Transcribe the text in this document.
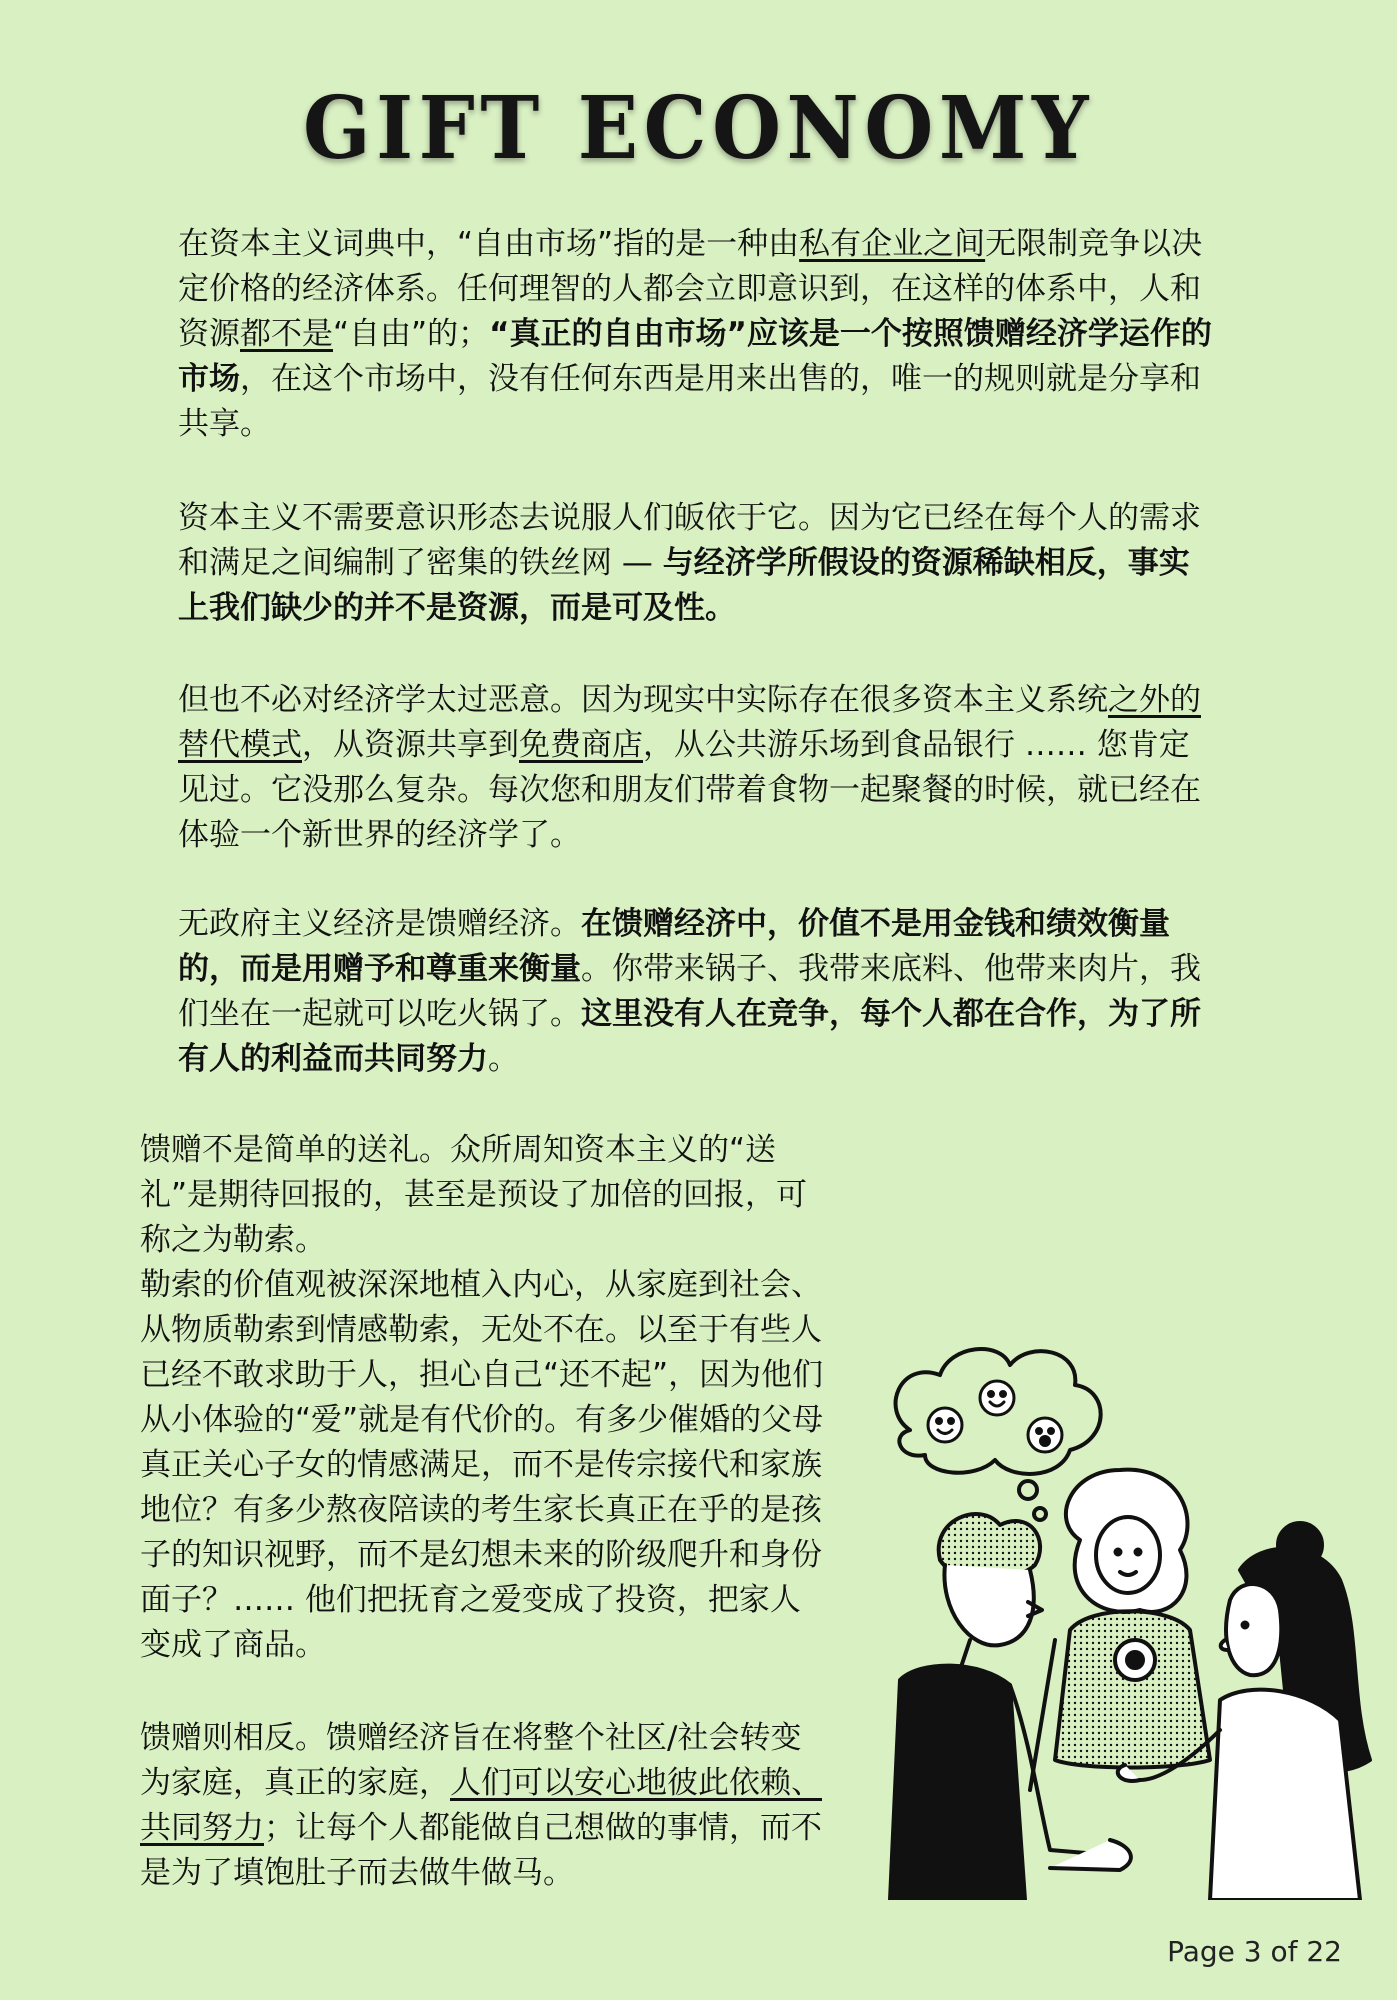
GIFT ECONOMY

在资本主义词典中，“自由市场”指的是一种由私有企业之间无限制竞争以决定价格的经济体系。任何理智的人都会立即意识到，在这样的体系中，人和资源都不是“自由”的；“真正的自由市场”应该是一个按照馈赠经济学运作的市场，在这个市场中，没有任何东西是用来出售的，唯一的规则就是分享和共享。

资本主义不需要意识形态去说服人们皈依于它。因为它已经在每个人的需求和满足之间编制了密集的铁丝网 — 与经济学所假设的资源稀缺相反，事实上我们缺少的并不是资源，而是可及性。

但也不必对经济学太过恶意。因为现实中实际存在很多资本主义系统之外的替代模式，从资源共享到免费商店，从公共游乐场到食品银行 …… 您肯定见过。它没那么复杂。每次您和朋友们带着食物一起聚餐的时候，就已经在体验一个新世界的经济学了。

无政府主义经济是馈赠经济。在馈赠经济中，价值不是用金钱和绩效衡量的，而是用赠予和尊重来衡量。你带来锅子、我带来底料、他带来肉片，我们坐在一起就可以吃火锅了。这里没有人在竞争，每个人都在合作，为了所有人的利益而共同努力。

馈赠不是简单的送礼。众所周知资本主义的“送礼”是期待回报的，甚至是预设了加倍的回报，可称之为勒索。
勒索的价值观被深深地植入内心，从家庭到社会、从物质勒索到情感勒索，无处不在。以至于有些人已经不敢求助于人，担心自己“还不起”，因为他们从小体验的“爱”就是有代价的。有多少催婚的父母真正关心子女的情感满足，而不是传宗接代和家族地位？有多少熬夜陪读的考生家长真正在乎的是孩子的知识视野，而不是幻想未来的阶级爬升和身份面子？…… 他们把抚育之爱变成了投资，把家人变成了商品。

馈赠则相反。馈赠经济旨在将整个社区/社会转变为家庭，真正的家庭，人们可以安心地彼此依赖、共同努力；让每个人都能做自己想做的事情，而不是为了填饱肚子而去做牛做马。

Page 3 of 22
